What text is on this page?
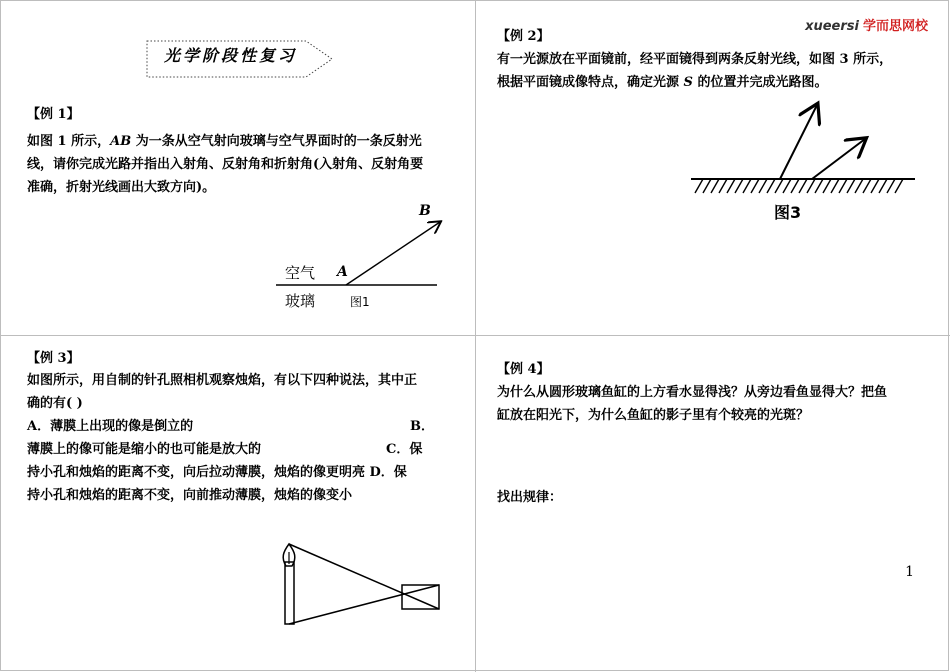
光学阶段性复习
【例 1】
如图 1 所示，AB 为一条从空气射向玻璃与空气界面时的一条反射光
线，请你完成光路并指出入射角、反射角和折射角(入射角、反射角要
准确，折射光线画出大致方向)。
B
A
空气
玻璃	图1
xueersi 学而思网校
【例 2】
有一光源放在平面镜前，经平面镜得到两条反射光线，如图 3 所示，
根据平面镜成像特点，确定光源 S 的位置并完成光路图。
图3
【例 3】
如图所示，用自制的针孔照相机观察烛焰，有以下四种说法，其中正
确的有( )
A．薄膜上出现的像是倒立的	B．
薄膜上的像可能是缩小的也可能是放大的	C．保
持小孔和烛焰的距离不变，向后拉动薄膜，烛焰的像更明亮 D．保
持小孔和烛焰的距离不变，向前推动薄膜，烛焰的像变小
【例 4】
为什么从圆形玻璃鱼缸的上方看水显得浅？从旁边看鱼显得大？把鱼
缸放在阳光下，为什么鱼缸的影子里有个较亮的光斑？
找出规律：
1
